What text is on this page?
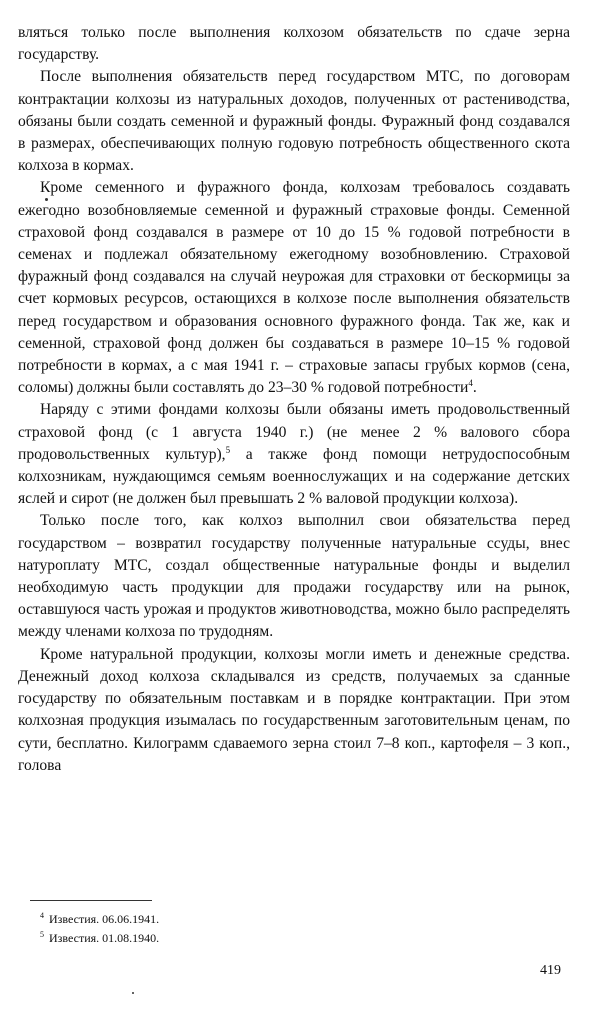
вляться только после выполнения колхозом обязательств по сдаче зерна государству.

После выполнения обязательств перед государством МТС, по договорам контрактации колхозы из натуральных доходов, полученных от растениводства, обязаны были создать семенной и фуражный фонды. Фуражный фонд создавался в размерах, обеспечивающих полную годовую потребность общественного скота колхоза в кормах.

Кроме семенного и фуражного фонда, колхозам требовалось создавать ежегодно возобновляемые семенной и фуражный страховые фонды. Семенной страховой фонд создавался в размере от 10 до 15 % годовой потребности в семенах и подлежал обязательному ежегодному возобновлению. Страховой фуражный фонд создавался на случай неурожая для страховки от бескормицы за счет кормовых ресурсов, остающихся в колхозе после выполнения обязательств перед государством и образования основного фуражного фонда. Так же, как и семенной, страховой фонд должен бы создаваться в размере 10–15 % годовой потребности в кормах, а с мая 1941 г. – страховые запасы грубых кормов (сена, соломы) должны были составлять до 23–30 % годовой потребности$^4$.

Наряду с этими фондами колхозы были обязаны иметь продовольственный страховой фонд (с 1 августа 1940 г.) (не менее 2 % валового сбора продовольственных культур),$^5$ а также фонд помощи нетрудоспособным колхозникам, нуждающимся семьям военнослужащих и на содержание детских яслей и сирот (не должен был превышать 2 % валовой продукции колхоза).

Только после того, как колхоз выполнил свои обязательства перед государством – возвратил государству полученные натуральные ссуды, внес натуроплату МТС, создал общественные натуральные фонды и выделил необходимую часть продукции для продажи государству или на рынок, оставшуюся часть урожая и продуктов животноводства, можно было распределять между членами колхоза по трудодням.

Кроме натуральной продукции, колхозы могли иметь и денежные средства. Денежный доход колхоза складывался из средств, получаемых за сданные государству по обязательным поставкам и в порядке контрактации. При этом колхозная продукция изымалась по государственным заготовительным ценам, по сути, бесплатно. Килограмм сдаваемого зерна стоил 7–8 коп., картофеля – 3 коп., голова

$^4$ Известия. 06.06.1941.

$^5$ Известия. 01.08.1940.

419
